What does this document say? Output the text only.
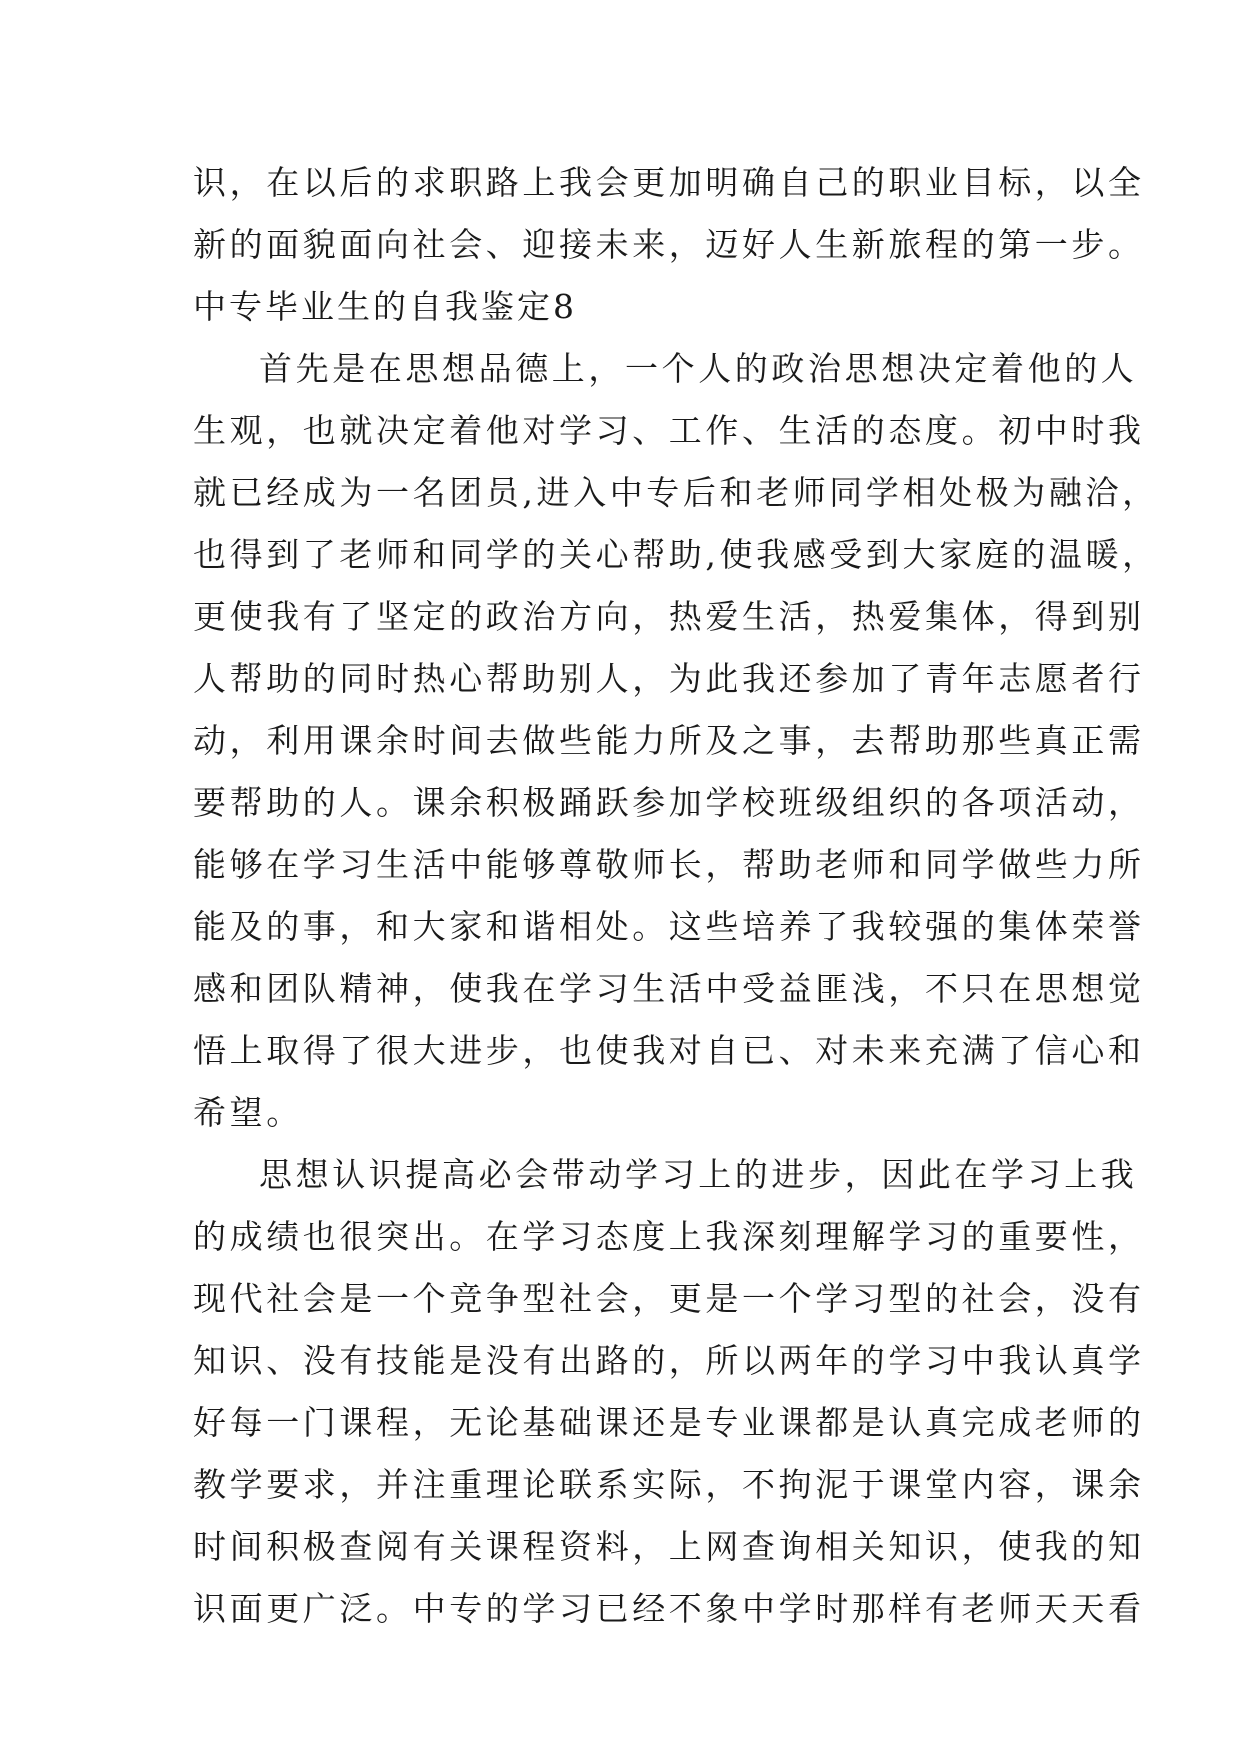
识，在以后的求职路上我会更加明确自己的职业目标，以全
新的面貌面向社会、迎接未来，迈好人生新旅程的第一步。
中专毕业生的自我鉴定8
首先是在思想品德上，一个人的政治思想决定着他的人
生观，也就决定着他对学习、工作、生活的态度。初中时我
就已经成为一名团员,进入中专后和老师同学相处极为融洽，
也得到了老师和同学的关心帮助,使我感受到大家庭的温暖，
更使我有了坚定的政治方向，热爱生活，热爱集体，得到别
人帮助的同时热心帮助别人，为此我还参加了青年志愿者行
动，利用课余时间去做些能力所及之事，去帮助那些真正需
要帮助的人。课余积极踊跃参加学校班级组织的各项活动，
能够在学习生活中能够尊敬师长，帮助老师和同学做些力所
能及的事，和大家和谐相处。这些培养了我较强的集体荣誉
感和团队精神，使我在学习生活中受益匪浅，不只在思想觉
悟上取得了很大进步，也使我对自已、对未来充满了信心和
希望。
思想认识提高必会带动学习上的进步，因此在学习上我
的成绩也很突出。在学习态度上我深刻理解学习的重要性，
现代社会是一个竞争型社会，更是一个学习型的社会，没有
知识、没有技能是没有出路的，所以两年的学习中我认真学
好每一门课程，无论基础课还是专业课都是认真完成老师的
教学要求，并注重理论联系实际，不拘泥于课堂内容，课余
时间积极查阅有关课程资料，上网查询相关知识，使我的知
识面更广泛。中专的学习已经不象中学时那样有老师天天看
